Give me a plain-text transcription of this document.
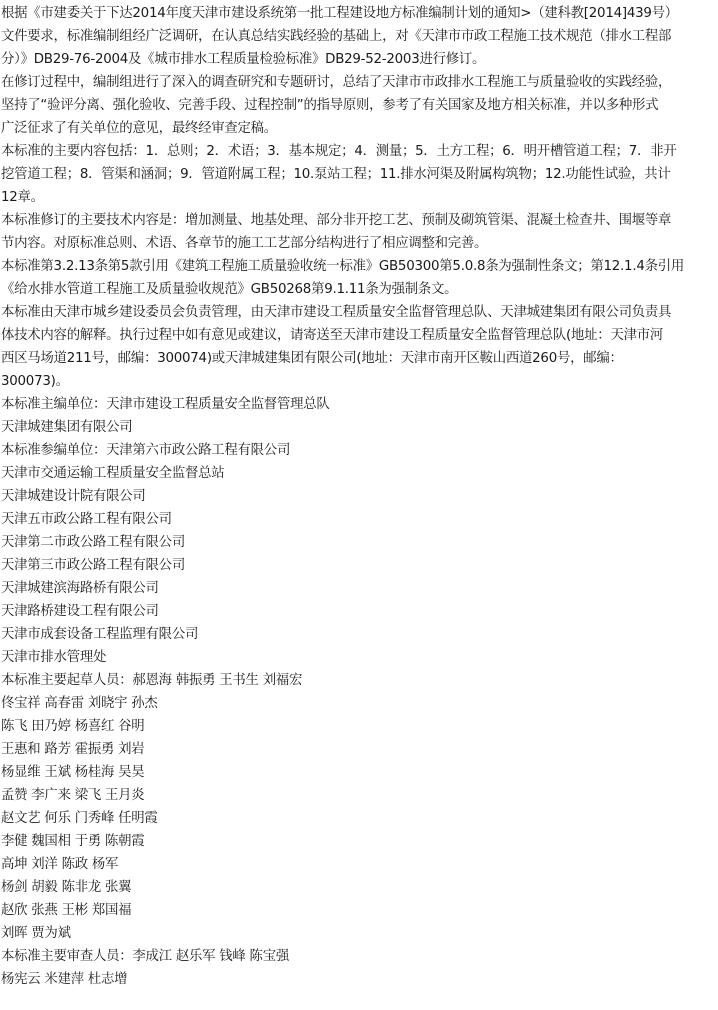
根据《市建委关于下达2014年度天津市建设系统第一批工程建设地方标准编制计划的通知>（建科教[2014]439号）
文件要求，标准编制组经广泛调研，在认真总结实践经验的基础上，对《天津市市政工程施工技术规范（排水工程部
分）》DB29-76-2004及《城市排水工程质量检验标准》DB29-52-2003进行修订。
在修订过程中，编制组进行了深入的调查研究和专题研讨，总结了天津市市政排水工程施工与质量验收的实践经验，
坚持了“验评分离、强化验收、完善手段、过程控制”的指导原则，参考了有关国家及地方相关标准，并以多种形式
广泛征求了有关单位的意见，最终经审查定稿。
本标准的主要内容包括：1．总则；2．术语；3．基本规定；4．测量；5．土方工程；6．明开槽管道工程；7．非开
挖管道工程；8．管渠和涵洞；9．管道附属工程；10.泵站工程；11.排水河渠及附属构筑物；12.功能性试验，共计
12章。
本标准修订的主要技术内容是：增加测量、地基处理、部分非开挖工艺、预制及砌筑管渠、混凝土检查井、围堰等章
节内容。对原标准总则、术语、各章节的施工工艺部分结构进行了相应调整和完善。
本标准第3.2.13条第5款引用《建筑工程施工质量验收统一标准》GB50300第5.0.8条为强制性条文；第12.1.4条引用
《给水排水管道工程施工及质量验收规范》GB50268第9.1.11条为强制条文。
本标准由天津市城乡建设委员会负责管理，由天津市建设工程质量安全监督管理总队、天津城建集团有限公司负责具
体技术内容的解释。执行过程中如有意见或建议，请寄送至天津市建设工程质量安全监督管理总队(地址：天津市河
西区马场道211号，邮编：300074)或天津城建集团有限公司(地址：天津市南开区鞍山西道260号，邮编：
300073)。
本标准主编单位：天津市建设工程质量安全监督管理总队
天津城建集团有限公司
本标准参编单位：天津第六市政公路工程有限公司
天津市交通运输工程质量安全监督总站
天津城建设计院有限公司
天津五市政公路工程有限公司
天津第二市政公路工程有限公司
天津第三市政公路工程有限公司
天津城建滨海路桥有限公司
天津路桥建设工程有限公司
天津市成套设备工程监理有限公司
天津市排水管理处
本标准主要起草人员：郝恩海 韩振勇 王书生 刘福宏
佟宝祥 高春雷 刘晓宇 孙杰
陈飞 田乃婷 杨喜红 谷明
王惠和 路芳 霍振勇 刘岩
杨显维 王斌 杨桂海 吴昊
孟赞 李广来 梁飞 王月炎
赵文艺 何乐 门秀峰 任明霞
李健 魏国相 于勇 陈朝霞
高坤 刘洋 陈政 杨军
杨剑 胡毅 陈非龙 张翼
赵欣 张燕 王彬 郑国福
刘晖 贾为斌
本标准主要审查人员：李成江 赵乐军 钱峰 陈宝强
杨宪云 米建萍 杜志增
